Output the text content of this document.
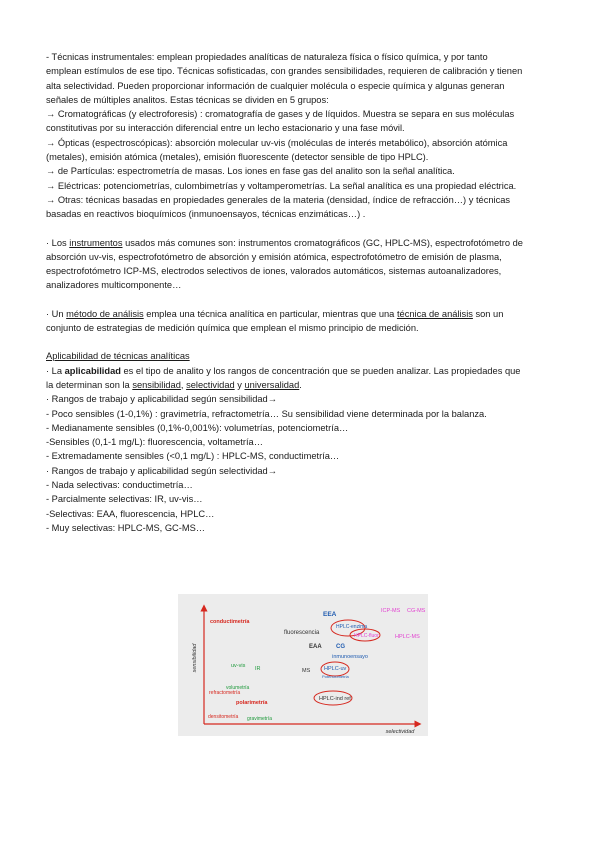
- Técnicas instrumentales: emplean propiedades analíticas de naturaleza física o físico química, y por tanto

emplean estímulos de ese tipo. Técnicas sofisticadas, con grandes sensibilidades, requieren de calibración y tienen

alta selectividad. Pueden proporcionar información de cualquier molécula o especie química y algunas generan

señales de múltiples analitos. Estas técnicas se dividen en 5 grupos:

→ Cromatográficas (y electroforesis) : cromatografía de gases y de líquidos. Muestra se separa en sus moléculas

constitutivas por su interacción diferencial entre un lecho estacionario y una fase móvil.

→ Ópticas (espectroscópicas): absorción molecular uv-vis (moléculas de interés metabólico), absorción atómica

(metales), emisión atómica (metales), emisión fluorescente (detector sensible de tipo HPLC).

→ de Partículas: espectrometría de masas. Los iones en fase gas del analito son la señal analítica.

→ Eléctricas: potenciometrías, culombimetrías y voltamperometrías. La señal analítica es una propiedad eléctrica.

→ Otras: técnicas basadas en propiedades generales de la materia (densidad, índice de refracción…) y técnicas

basadas en reactivos bioquímicos (inmunoensayos, técnicas enzimáticas…) .

· Los instrumentos usados más comunes son: instrumentos cromatográficos (GC, HPLC-MS), espectrofotómetro de

absorción uv-vis, espectrofotómetro de absorción y emisión atómica, espectrofotómetro de emisión de plasma,

espectrofotómetro ICP-MS, electrodos selectivos de iones, valorados automáticos, sistemas autoanalizadores,

analizadores multicomponente…

· Un método de análisis emplea una técnica analítica en particular, mientras que una técnica de análisis son un

conjunto de estrategias de medición química que emplean el mismo principio de medición.

Aplicabilidad de técnicas analíticas

· La aplicabilidad es el tipo de analito y los rangos de concentración que se pueden analizar. Las propiedades que

la determinan son la sensibilidad, selectividad y universalidad.

· Rangos de trabajo y aplicabilidad según sensibilidad→

- Poco sensibles (1-0,1%) : gravimetría, refractometría… Su sensibilidad viene determinada por la balanza.

- Medianamente sensibles (0,1%-0,001%): volumetrías, potenciometría…

-Sensibles (0,1-1 mg/L): fluorescencia, voltametría…

- Extremadamente sensibles (<0,1 mg/L) : HPLC-MS, conductimetría…

· Rangos de trabajo y aplicabilidad según selectividad→

- Nada selectivas: conductimetría…

- Parcialmente selectivas: IR, uv-vis…

-Selectivas: EAA, fluorescencia, HPLC…

- Muy selectivas: HPLC-MS, GC-MS…

sensibilidad
selectividad
conductimetría
EEA	ICP-MS CG-MS
fluorescencia
HPLC-enzima
HPLC-fluor	HPLC-MS
EAA CG
inmunoensayo
uv-vis IR	MS	HPLC-uv
Potenciometria
volumetría
refractometría
HPLC-ind ref
polarimetría
densitometría gravimetría
